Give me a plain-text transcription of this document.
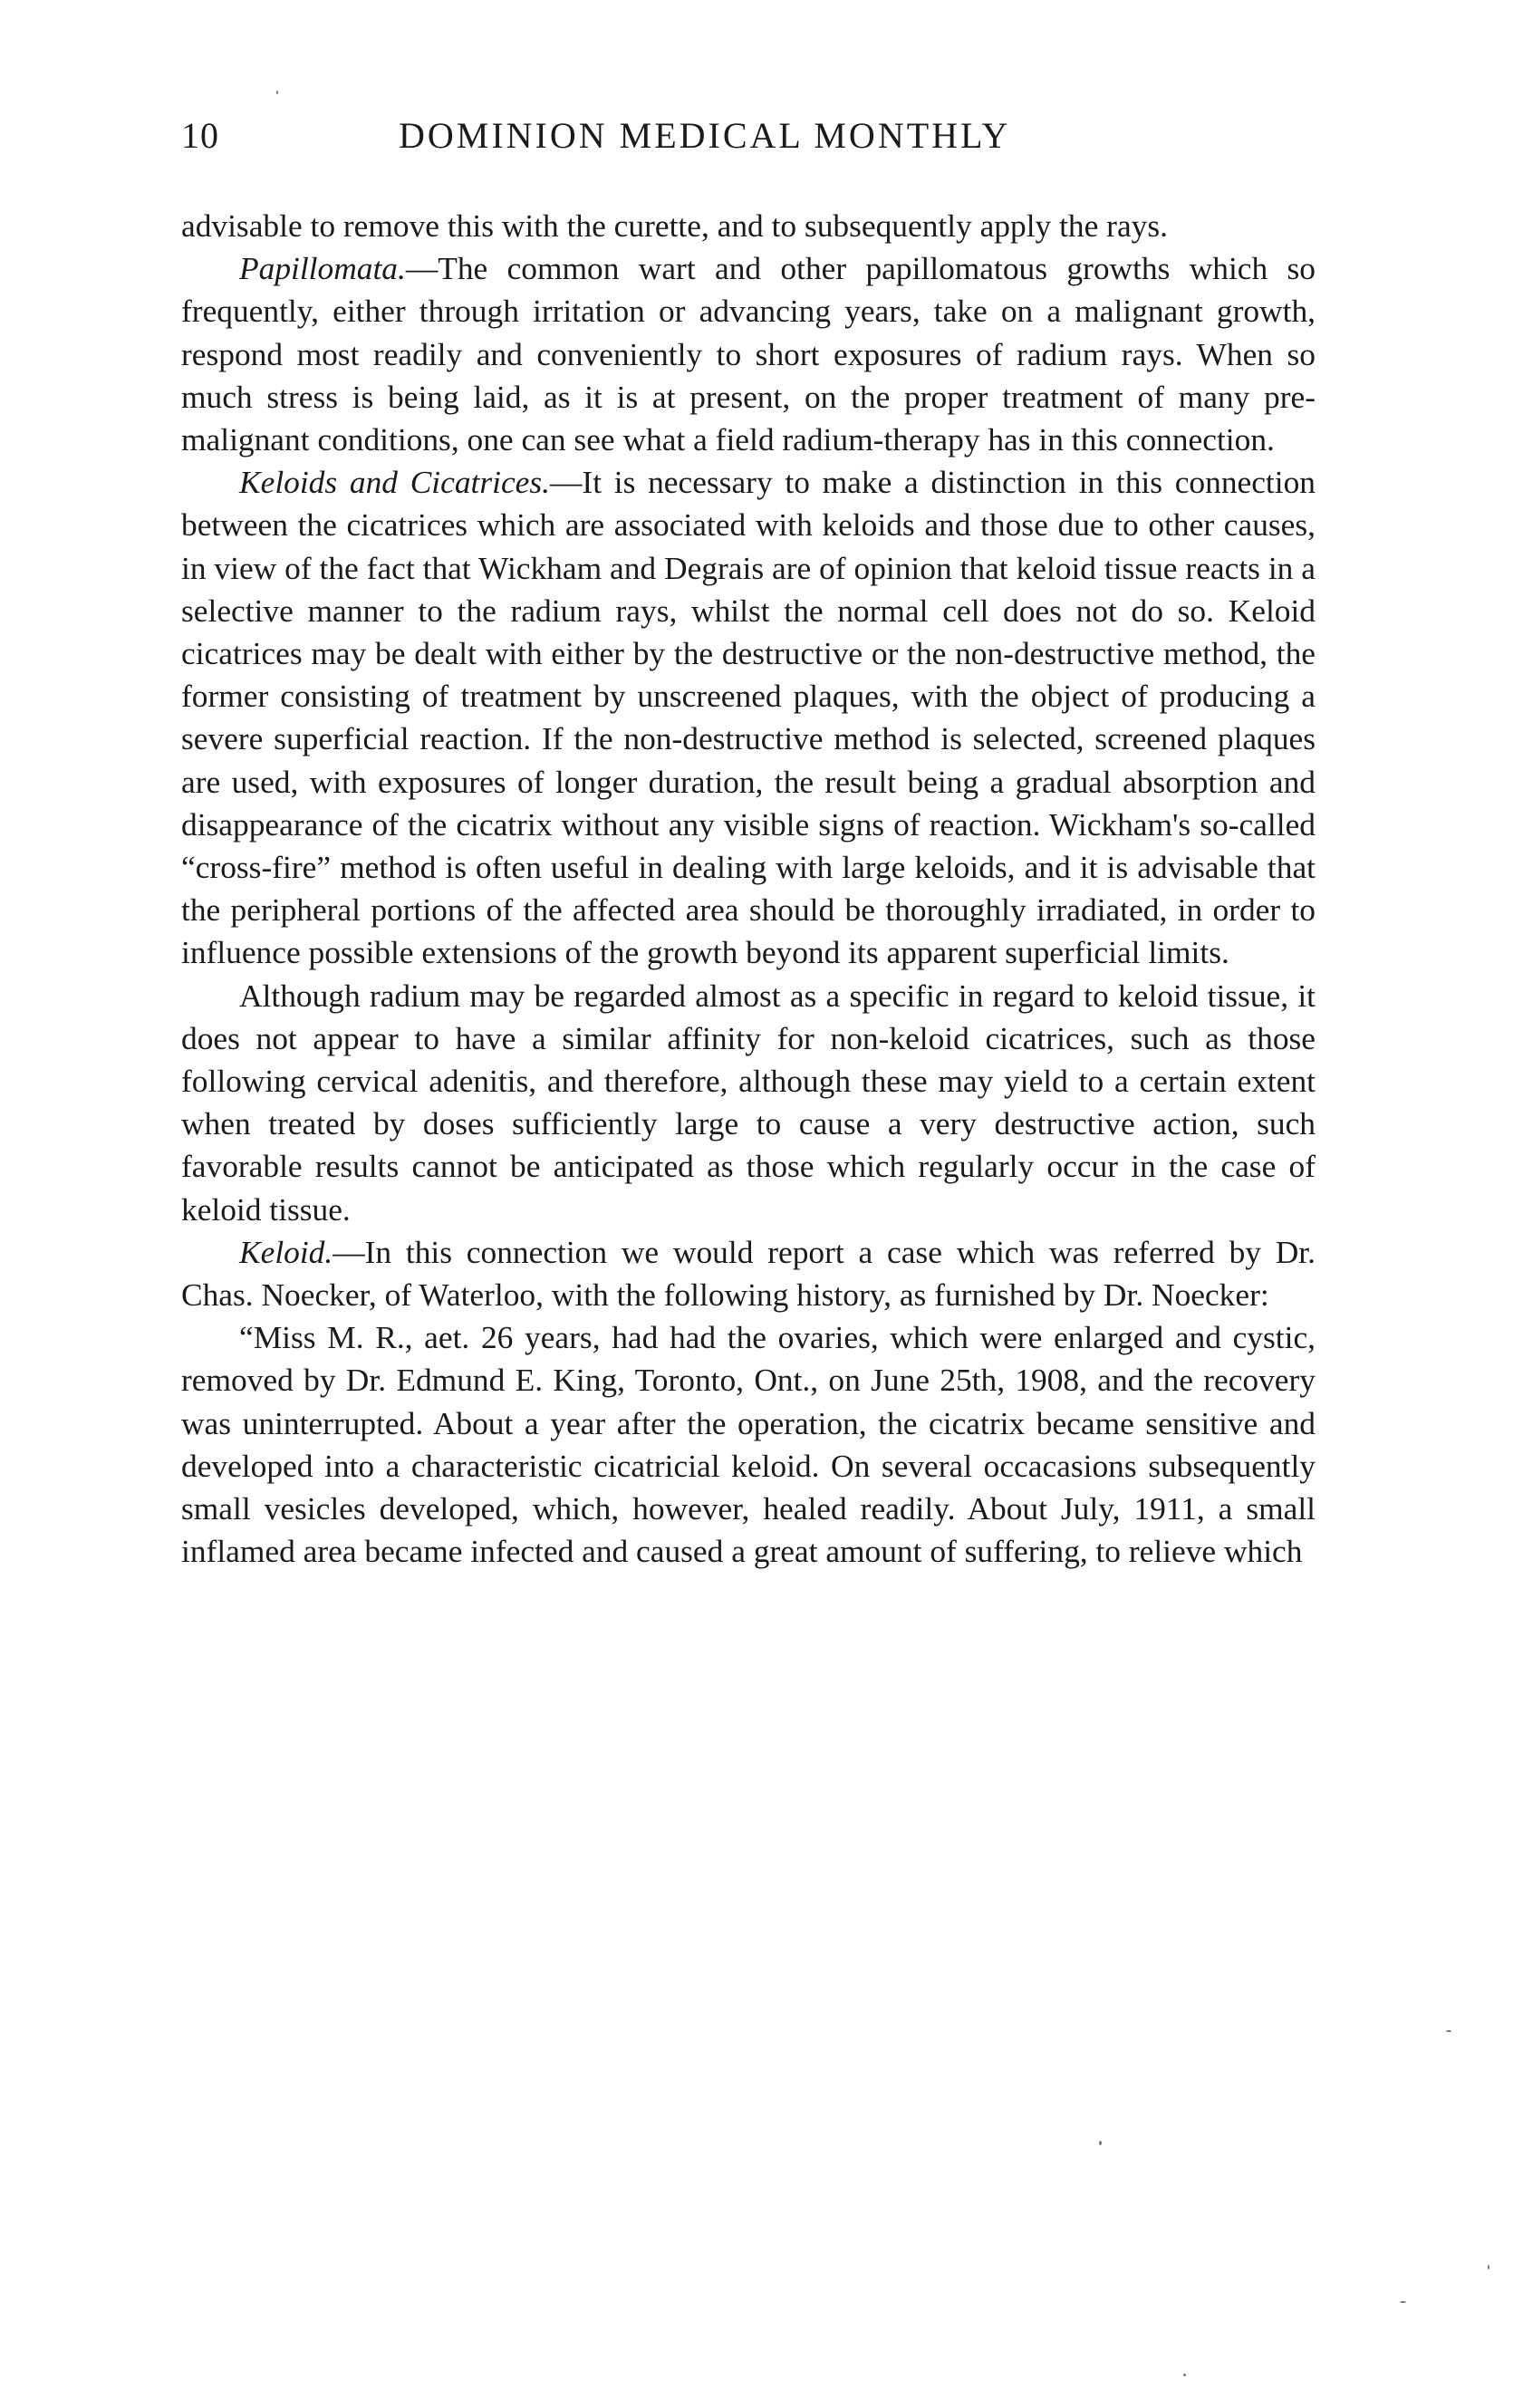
10	DOMINION MEDICAL MONTHLY

advisable to remove this with the curette, and to subsequently apply the rays.

Papillomata.—The common wart and other papillomatous growths which so frequently, either through irritation or advancing years, take on a malignant growth, respond most readily and conveniently to short exposures of radium rays. When so much stress is being laid, as it is at present, on the proper treatment of many pre-malignant conditions, one can see what a field radium-therapy has in this connection.

Keloids and Cicatrices.—It is necessary to make a distinction in this connection between the cicatrices which are associated with keloids and those due to other causes, in view of the fact that Wickham and Degrais are of opinion that keloid tissue reacts in a selective manner to the radium rays, whilst the normal cell does not do so. Keloid cicatrices may be dealt with either by the destructive or the non-destructive method, the former consisting of treatment by unscreened plaques, with the object of producing a severe superficial reaction. If the non-destructive method is selected, screened plaques are used, with exposures of longer duration, the result being a gradual absorption and disappearance of the cicatrix without any visible signs of reaction. Wickham's so-called “cross-fire” method is often useful in dealing with large keloids, and it is advisable that the peripheral portions of the affected area should be thoroughly irradiated, in order to influence possible extensions of the growth beyond its apparent superficial limits.

Although radium may be regarded almost as a specific in regard to keloid tissue, it does not appear to have a similar affinity for non-keloid cicatrices, such as those following cervical adenitis, and therefore, although these may yield to a certain extent when treated by doses sufficiently large to cause a very destructive action, such favorable results cannot be anticipated as those which regularly occur in the case of keloid tissue.

Keloid.—In this connection we would report a case which was referred by Dr. Chas. Noecker, of Waterloo, with the following history, as furnished by Dr. Noecker:

“Miss M. R., aet. 26 years, had had the ovaries, which were enlarged and cystic, removed by Dr. Edmund E. King, Toronto, Ont., on June 25th, 1908, and the recovery was uninterrupted. About a year after the operation, the cicatrix became sensitive and developed into a characteristic cicatricial keloid. On several occacasions subsequently small vesicles developed, which, however, healed readily. About July, 1911, a small inflamed area became infected and caused a great amount of suffering, to relieve which
